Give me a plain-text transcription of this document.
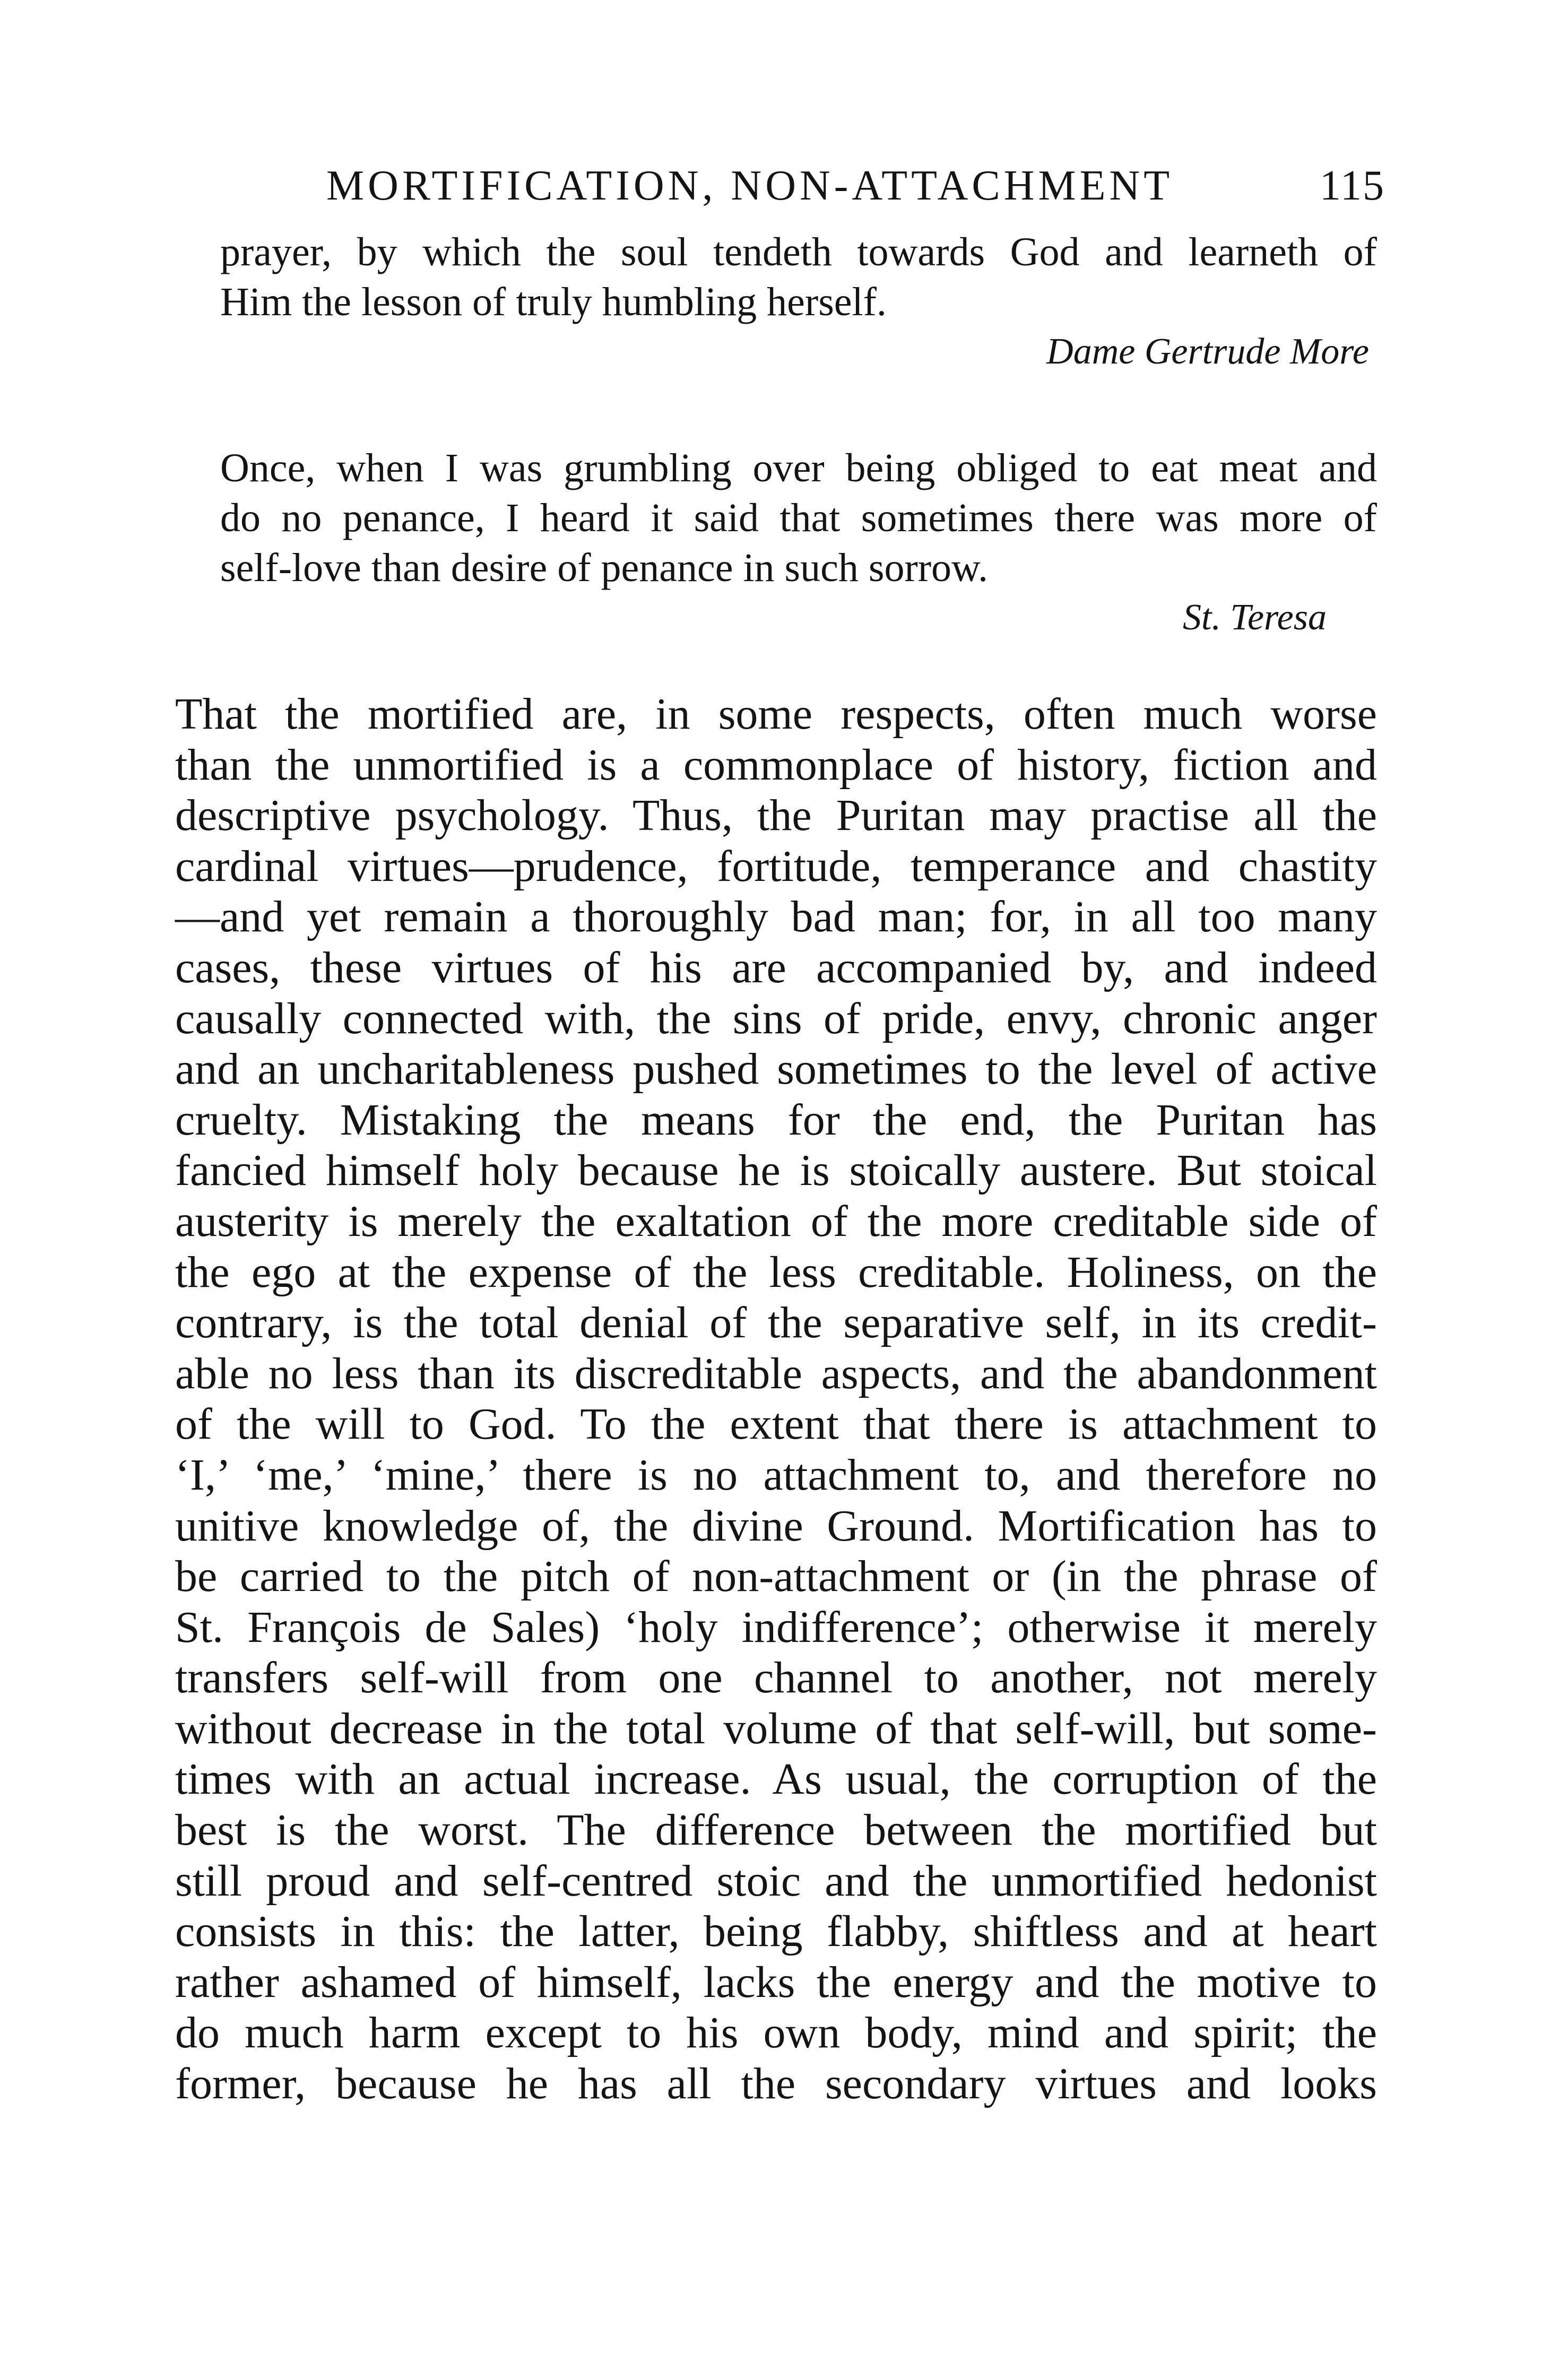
MORTIFICATION, NON-ATTACHMENT	115
prayer, by which the soul tendeth towards God and learneth of
Him the lesson of truly humbling herself.
Dame Gertrude More
Once, when I was grumbling over being obliged to eat meat and
do no penance, I heard it said that sometimes there was more of
self-love than desire of penance in such sorrow.
St. Teresa
That the mortified are, in some respects, often much worse
than the unmortified is a commonplace of history, fiction and
descriptive psychology. Thus, the Puritan may practise all the
cardinal virtues—prudence, fortitude, temperance and chastity
—and yet remain a thoroughly bad man; for, in all too many
cases, these virtues of his are accompanied by, and indeed
causally connected with, the sins of pride, envy, chronic anger
and an uncharitableness pushed sometimes to the level of active
cruelty. Mistaking the means for the end, the Puritan has
fancied himself holy because he is stoically austere. But stoical
austerity is merely the exaltation of the more creditable side of
the ego at the expense of the less creditable. Holiness, on the
contrary, is the total denial of the separative self, in its credit-
able no less than its discreditable aspects, and the abandonment
of the will to God. To the extent that there is attachment to
‘I,’ ‘me,’ ‘mine,’ there is no attachment to, and therefore no
unitive knowledge of, the divine Ground. Mortification has to
be carried to the pitch of non-attachment or (in the phrase of
St. François de Sales) ‘holy indifference’; otherwise it merely
transfers self-will from one channel to another, not merely
without decrease in the total volume of that self-will, but some-
times with an actual increase. As usual, the corruption of the
best is the worst. The difference between the mortified but
still proud and self-centred stoic and the unmortified hedonist
consists in this: the latter, being flabby, shiftless and at heart
rather ashamed of himself, lacks the energy and the motive to
do much harm except to his own body, mind and spirit; the
former, because he has all the secondary virtues and looks
